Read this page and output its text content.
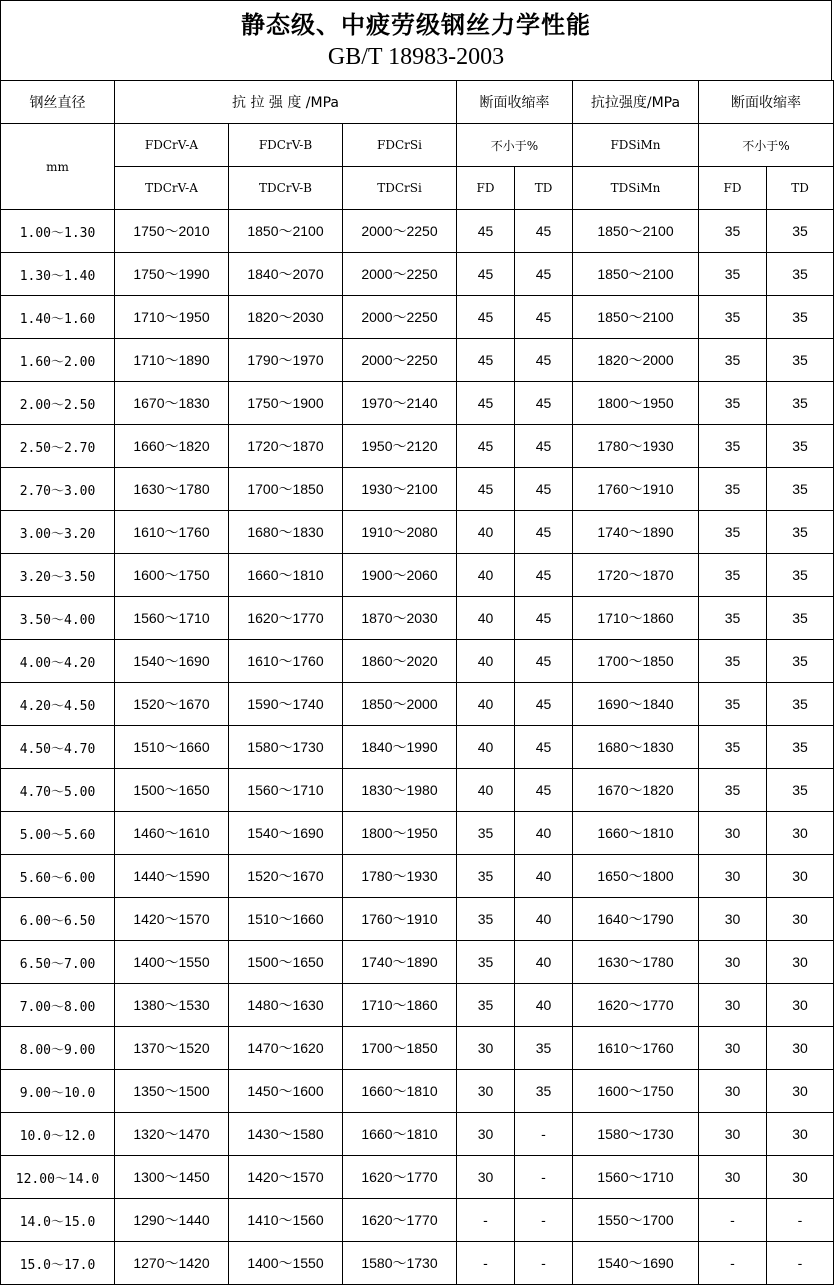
静态级、中疲劳级钢丝力学性能
GB/T 18983-2003
钢丝直径	抗 拉 强 度 /MPa			断面收缩率		抗拉强度/MPa	断面收缩率	
mm	FDCrV-A	FDCrV-B	FDCrSi	不小于%		FDSiMn	不小于%	
	TDCrV-A	TDCrV-B	TDCrSi	FD	TD	TDSiMn	FD	TD
1.00～1.30	1750～2010	1850～2100	2000～2250	45	45	1850～2100	35	35
1.30～1.40	1750～1990	1840～2070	2000～2250	45	45	1850～2100	35	35
1.40～1.60	1710～1950	1820～2030	2000～2250	45	45	1850～2100	35	35
1.60～2.00	1710～1890	1790～1970	2000～2250	45	45	1820～2000	35	35
2.00～2.50	1670～1830	1750～1900	1970～2140	45	45	1800～1950	35	35
2.50～2.70	1660～1820	1720～1870	1950～2120	45	45	1780～1930	35	35
2.70～3.00	1630～1780	1700～1850	1930～2100	45	45	1760～1910	35	35
3.00～3.20	1610～1760	1680～1830	1910～2080	40	45	1740～1890	35	35
3.20～3.50	1600～1750	1660～1810	1900～2060	40	45	1720～1870	35	35
3.50～4.00	1560～1710	1620～1770	1870～2030	40	45	1710～1860	35	35
4.00～4.20	1540～1690	1610～1760	1860～2020	40	45	1700～1850	35	35
4.20～4.50	1520～1670	1590～1740	1850～2000	40	45	1690～1840	35	35
4.50～4.70	1510～1660	1580～1730	1840～1990	40	45	1680～1830	35	35
4.70～5.00	1500～1650	1560～1710	1830～1980	40	45	1670～1820	35	35
5.00～5.60	1460～1610	1540～1690	1800～1950	35	40	1660～1810	30	30
5.60～6.00	1440～1590	1520～1670	1780～1930	35	40	1650～1800	30	30
6.00～6.50	1420～1570	1510～1660	1760～1910	35	40	1640～1790	30	30
6.50～7.00	1400～1550	1500～1650	1740～1890	35	40	1630～1780	30	30
7.00～8.00	1380～1530	1480～1630	1710～1860	35	40	1620～1770	30	30
8.00～9.00	1370～1520	1470～1620	1700～1850	30	35	1610～1760	30	30
9.00～10.0	1350～1500	1450～1600	1660～1810	30	35	1600～1750	30	30
10.0～12.0	1320～1470	1430～1580	1660～1810	30	-	1580～1730	30	30
12.00～14.0	1300～1450	1420～1570	1620～1770	30	-	1560～1710	30	30
14.0～15.0	1290～1440	1410～1560	1620～1770	-	-	1550～1700	-	-
15.0～17.0	1270～1420	1400～1550	1580～1730	-	-	1540～1690	-	-
